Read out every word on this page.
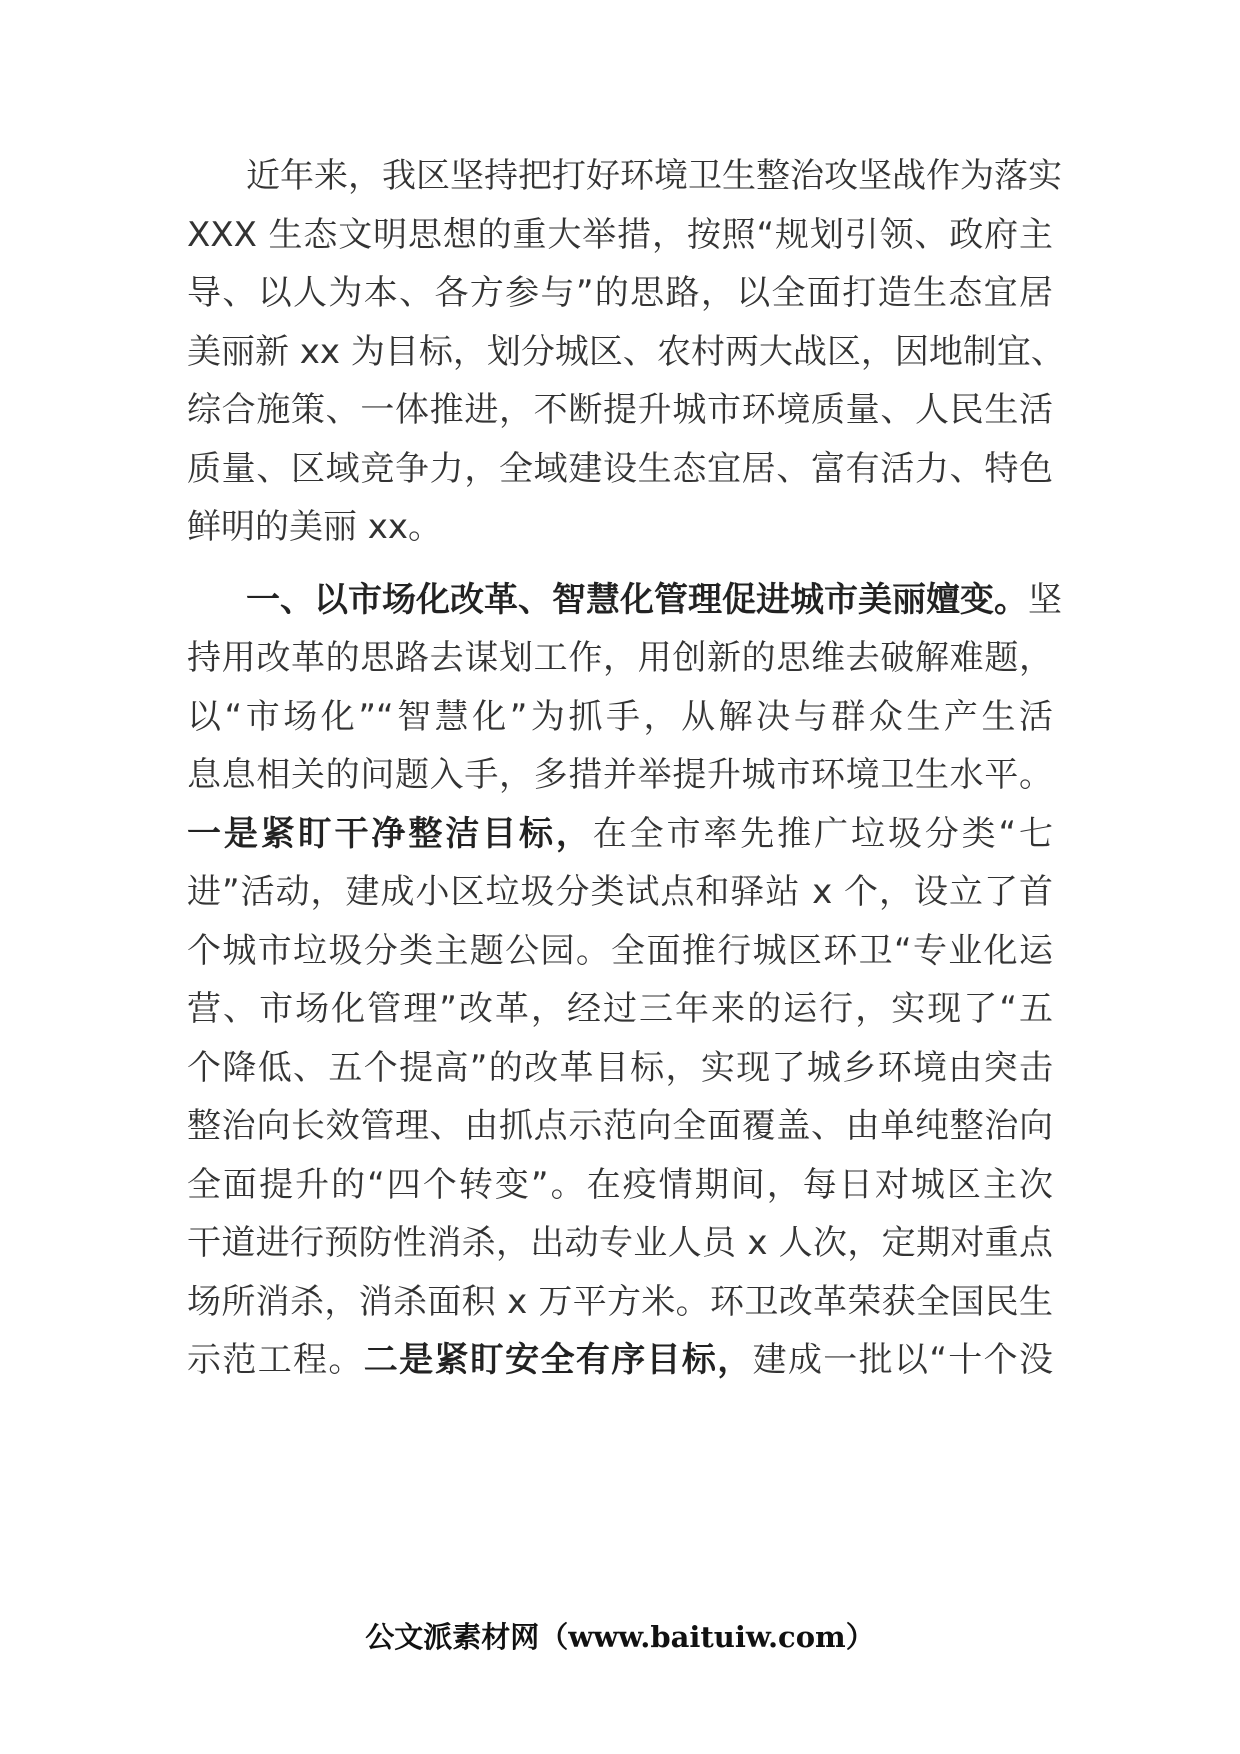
近年来，我区坚持把打好环境卫生整治攻坚战作为落实
XXX 生态文明思想的重大举措，按照“规划引领、政府主
导、以人为本、各方参与”的思路，以全面打造生态宜居
美丽新 xx 为目标，划分城区、农村两大战区，因地制宜、
综合施策、一体推进，不断提升城市环境质量、人民生活
质量、区域竞争力，全域建设生态宜居、富有活力、特色
鲜明的美丽 xx。
一、以市场化改革、智慧化管理促进城市美丽嬗变。坚
持用改革的思路去谋划工作，用创新的思维去破解难题，
以“市场化”“智慧化”为抓手，从解决与群众生产生活
息息相关的问题入手，多措并举提升城市环境卫生水平。
一是紧盯干净整洁目标，在全市率先推广垃圾分类“七
进”活动，建成小区垃圾分类试点和驿站 x 个，设立了首
个城市垃圾分类主题公园。全面推行城区环卫“专业化运
营、市场化管理”改革，经过三年来的运行，实现了“五
个降低、五个提高”的改革目标，实现了城乡环境由突击
整治向长效管理、由抓点示范向全面覆盖、由单纯整治向
全面提升的“四个转变”。在疫情期间，每日对城区主次
干道进行预防性消杀，出动专业人员 x 人次，定期对重点
场所消杀，消杀面积 x 万平方米。环卫改革荣获全国民生
示范工程。二是紧盯安全有序目标，建成一批以“十个没
公文派素材网（www.baituiw.com）
